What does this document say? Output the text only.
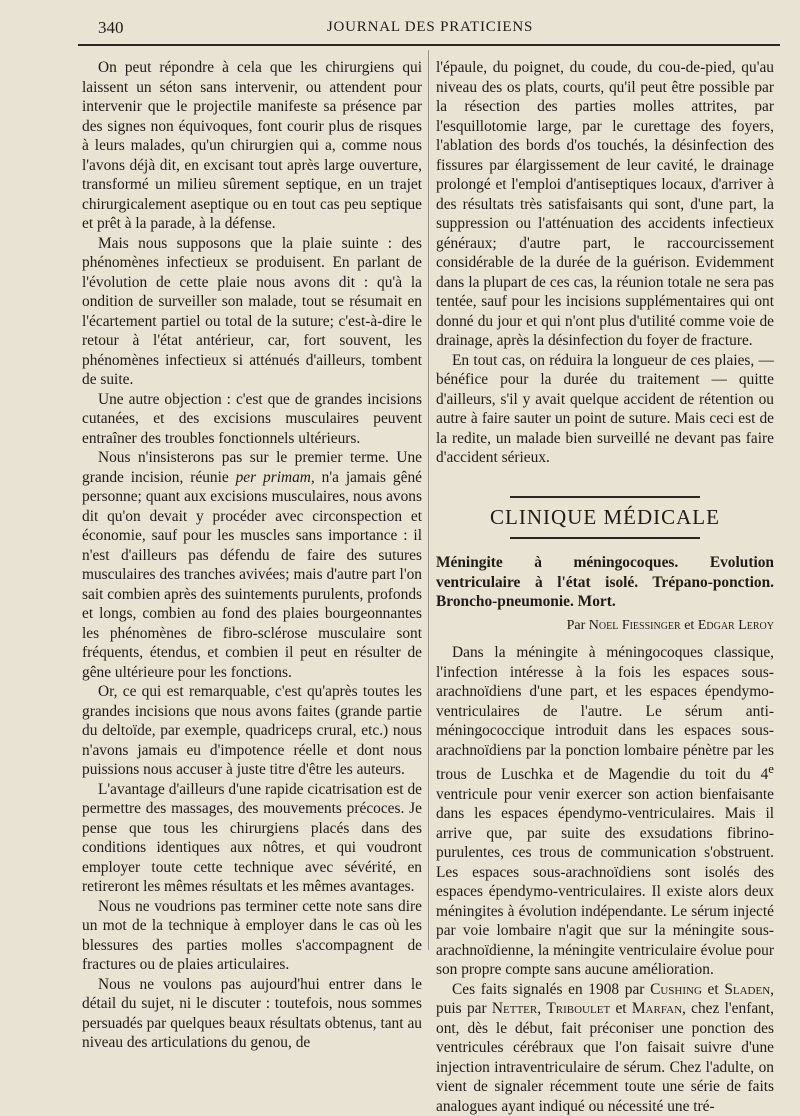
340	JOURNAL DES PRATICIENS

On peut répondre à cela que les chirurgiens qui laissent un séton sans intervenir, ou attendent pour intervenir que le projectile manifeste sa présence par des signes non équivoques, font courir plus de risques à leurs malades, qu'un chirurgien qui a, comme nous l'avons déjà dit, en excisant tout après large ouverture, transformé un milieu sûrement septique, en un trajet chirurgicalement aseptique ou en tout cas peu septique et prêt à la parade, à la défense.

Mais nous supposons que la plaie suinte : des phénomènes infectieux se produisent. En parlant de l'évolution de cette plaie nous avons dit : qu'à la ondition de surveiller son malade, tout se résumait en l'écartement partiel ou total de la suture; c'est-à-dire le retour à l'état antérieur, car, fort souvent, les phénomènes infectieux si atténués d'ailleurs, tombent de suite.

Une autre objection : c'est que de grandes incisions cutanées, et des excisions musculaires peuvent entraîner des troubles fonctionnels ultérieurs.

Nous n'insisterons pas sur le premier terme. Une grande incision, réunie per primam, n'a jamais gêné personne; quant aux excisions musculaires, nous avons dit qu'on devait y procéder avec circonspection et économie, sauf pour les muscles sans importance : il n'est d'ailleurs pas défendu de faire des sutures musculaires des tranches avivées; mais d'autre part l'on sait combien après des suintements purulents, profonds et longs, combien au fond des plaies bourgeonnantes les phénomènes de fibro-sclérose musculaire sont fréquents, étendus, et combien il peut en résulter de gêne ultérieure pour les fonctions.

Or, ce qui est remarquable, c'est qu'après toutes les grandes incisions que nous avons faites (grande partie du deltoïde, par exemple, quadriceps crural, etc.) nous n'avons jamais eu d'impotence réelle et dont nous puissions nous accuser à juste titre d'être les auteurs.

L'avantage d'ailleurs d'une rapide cicatrisation est de permettre des massages, des mouvements précoces. Je pense que tous les chirurgiens placés dans des conditions identiques aux nôtres, et qui voudront employer toute cette technique avec sévérité, en retireront les mêmes résultats et les mêmes avantages.

Nous ne voudrions pas terminer cette note sans dire un mot de la technique à employer dans le cas où les blessures des parties molles s'accompagnent de fractures ou de plaies articulaires.

Nous ne voulons pas aujourd'hui entrer dans le détail du sujet, ni le discuter : toutefois, nous sommes persuadés par quelques beaux résultats obtenus, tant au niveau des articulations du genou, de

l'épaule, du poignet, du coude, du cou-de-pied, qu'au niveau des os plats, courts, qu'il peut être possible par la résection des parties molles attrites, par l'esquillotomie large, par le curettage des foyers, l'ablation des bords d'os touchés, la désinfection des fissures par élargissement de leur cavité, le drainage prolongé et l'emploi d'antiseptiques locaux, d'arriver à des résultats très satisfaisants qui sont, d'une part, la suppression ou l'atténuation des accidents infectieux généraux; d'autre part, le raccourcissement considérable de la durée de la guérison. Evidemment dans la plupart de ces cas, la réunion totale ne sera pas tentée, sauf pour les incisions supplémentaires qui ont donné du jour et qui n'ont plus d'utilité comme voie de drainage, après la désinfection du foyer de fracture.

En tout cas, on réduira la longueur de ces plaies, — bénéfice pour la durée du traitement — quitte d'ailleurs, s'il y avait quelque accident de rétention ou autre à faire sauter un point de suture. Mais ceci est de la redite, un malade bien surveillé ne devant pas faire d'accident sérieux.

CLINIQUE MÉDICALE

Méningite à méningocoques. Evolution ventriculaire à l'état isolé. Trépano-ponction. Broncho-pneumonie. Mort.

Par Noel Fiessinger et Edgar Leroy

Dans la méningite à méningocoques classique, l'infection intéresse à la fois les espaces sous-arachnoïdiens d'une part, et les espaces épendymo-ventriculaires de l'autre. Le sérum anti-méningococcique introduit dans les espaces sous-arachnoïdiens par la ponction lombaire pénètre par les trous de Luschka et de Magendie du toit du 4e ventricule pour venir exercer son action bienfaisante dans les espaces épendymo-ventriculaires. Mais il arrive que, par suite des exsudations fibrino-purulentes, ces trous de communication s'obstruent. Les espaces sous-arachnoïdiens sont isolés des espaces épendymo-ventriculaires. Il existe alors deux méningites à évolution indépendante. Le sérum injecté par voie lombaire n'agit que sur la méningite sous-arachnoïdienne, la méningite ventriculaire évolue pour son propre compte sans aucune amélioration.

Ces faits signalés en 1908 par Cushing et Sladen, puis par Netter, Triboulet et Marfan, chez l'enfant, ont, dès le début, fait préconiser une ponction des ventricules cérébraux que l'on faisait suivre d'une injection intraventriculaire de sérum. Chez l'adulte, on vient de signaler récemment toute une série de faits analogues ayant indiqué ou nécessité une tré-
